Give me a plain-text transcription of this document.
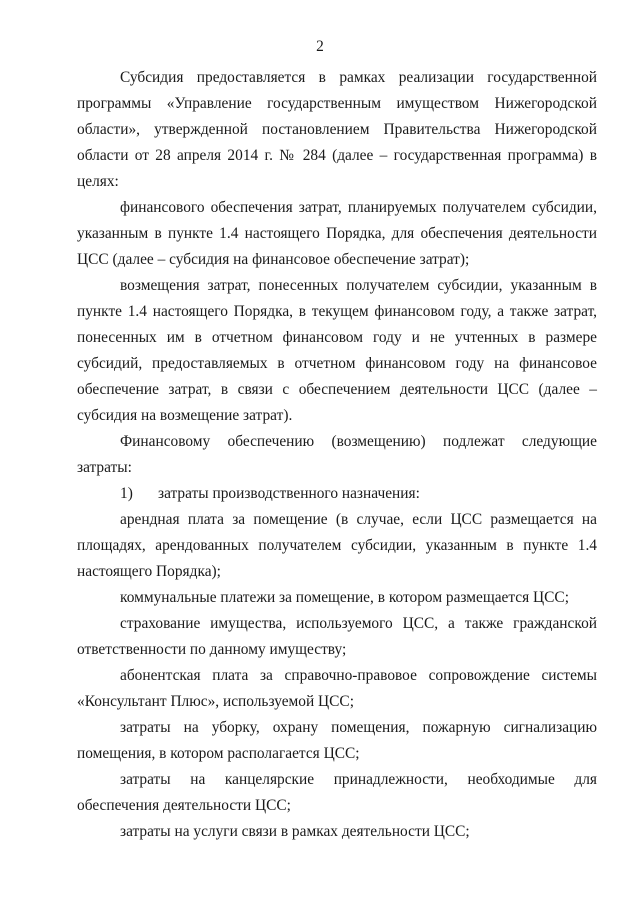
2

Субсидия предоставляется в рамках реализации государственной программы «Управление государственным имуществом Нижегородской области», утвержденной постановлением Правительства Нижегородской области от 28 апреля 2014 г. № 284 (далее – государственная программа) в целях:

финансового обеспечения затрат, планируемых получателем субсидии, указанным в пункте 1.4 настоящего Порядка, для обеспечения деятельности ЦСС (далее – субсидия на финансовое обеспечение затрат);

возмещения затрат, понесенных получателем субсидии, указанным в пункте 1.4 настоящего Порядка, в текущем финансовом году, а также затрат, понесенных им в отчетном финансовом году и не учтенных в размере субсидий, предоставляемых в отчетном финансовом году на финансовое обеспечение затрат, в связи с обеспечением деятельности ЦСС (далее – субсидия на возмещение затрат).

Финансовому обеспечению (возмещению) подлежат следующие затраты:

1) затраты производственного назначения:

арендная плата за помещение (в случае, если ЦСС размещается на площадях, арендованных получателем субсидии, указанным в пункте 1.4 настоящего Порядка);

коммунальные платежи за помещение, в котором размещается ЦСС;

страхование имущества, используемого ЦСС, а также гражданской ответственности по данному имуществу;

абонентская плата за справочно-правовое сопровождение системы «Консультант Плюс», используемой ЦСС;

затраты на уборку, охрану помещения, пожарную сигнализацию помещения, в котором располагается ЦСС;

затраты на канцелярские принадлежности, необходимые для обеспечения деятельности ЦСС;

затраты на услуги связи в рамках деятельности ЦСС;
